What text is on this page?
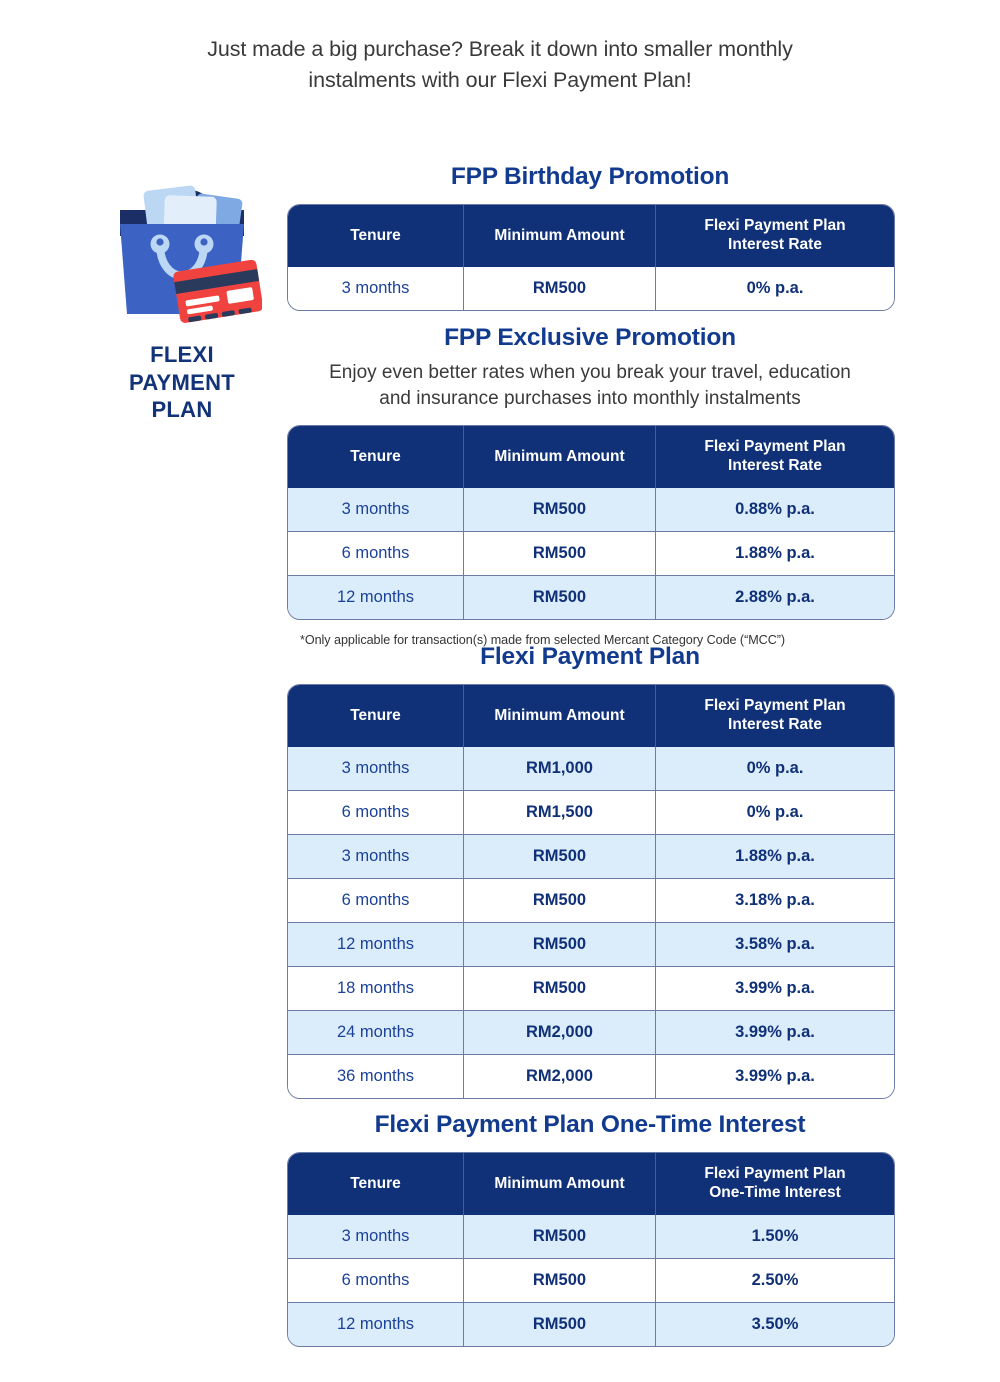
Just made a big purchase? Break it down into smaller monthly
instalments with our Flexi Payment Plan!
FLEXI
PAYMENT
PLAN
FPP Birthday Promotion
Tenure	Minimum Amount	Flexi Payment Plan
Interest Rate
3 months	RM500	0% p.a.
FPP Exclusive Promotion
Enjoy even better rates when you break your travel, education
and insurance purchases into monthly instalments
Tenure	Minimum Amount	Flexi Payment Plan
Interest Rate
3 months	RM500	0.88% p.a.
6 months	RM500	1.88% p.a.
12 months	RM500	2.88% p.a.
*Only applicable for transaction(s) made from selected Mercant Category Code (“MCC”)
Flexi Payment Plan
Tenure	Minimum Amount	Flexi Payment Plan
Interest Rate
3 months	RM1,000	0% p.a.
6 months	RM1,500	0% p.a.
3 months	RM500	1.88% p.a.
6 months	RM500	3.18% p.a.
12 months	RM500	3.58% p.a.
18 months	RM500	3.99% p.a.
24 months	RM2,000	3.99% p.a.
36 months	RM2,000	3.99% p.a.
Flexi Payment Plan One-Time Interest
Tenure	Minimum Amount	Flexi Payment Plan
One-Time Interest
3 months	RM500	1.50%
6 months	RM500	2.50%
12 months	RM500	3.50%
